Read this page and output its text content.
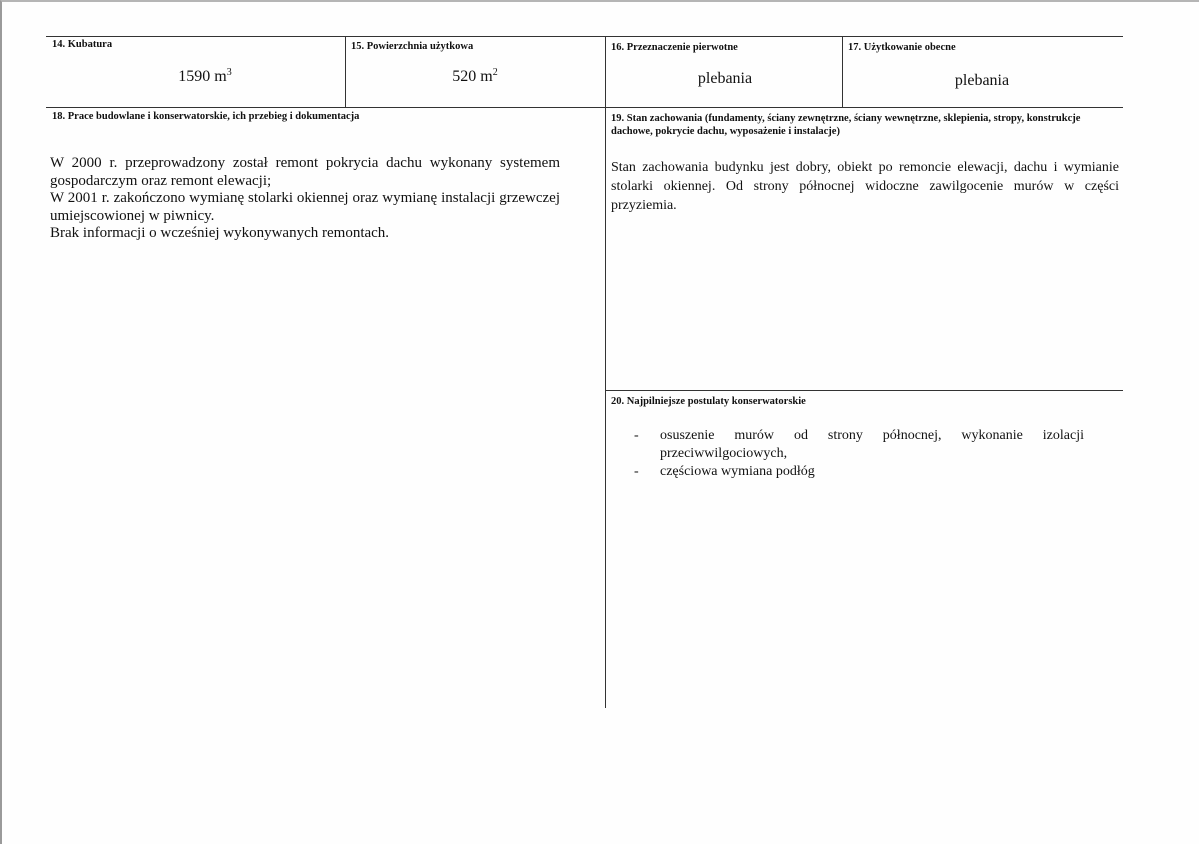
14. Kubatura
1590 $m^3$
15. Powierzchnia użytkowa
520 $m^2$
16. Przeznaczenie pierwotne
plebania
17. Użytkowanie obecne
plebania
18. Prace budowlane i konserwatorskie, ich przebieg i dokumentacja

W 2000 r. przeprowadzony został remont pokrycia dachu wykonany systemem gospodarczym oraz remont elewacji;

W 2001 r. zakończono wymianę stolarki okiennej oraz wymianę instalacji grzewczej umiejscowionej w piwnicy.

Brak informacji o wcześniej wykonywanych remontach.

19. Stan zachowania (fundamenty, ściany zewnętrzne, ściany wewnętrzne, sklepienia, stropy, konstrukcje dachowe, pokrycie dachu, wyposażenie i instalacje)
Stan zachowania budynku jest dobry, obiekt po remoncie elewacji, dachu i wymianie stolarki okiennej. Od strony północnej widoczne zawilgocenie murów w części przyziemia.
20. Najpilniejsze postulaty konserwatorskie
- osuszenie murów od strony północnej, wykonanie izolacji przeciwwilgociowych,
- częściowa wymiana podłóg
